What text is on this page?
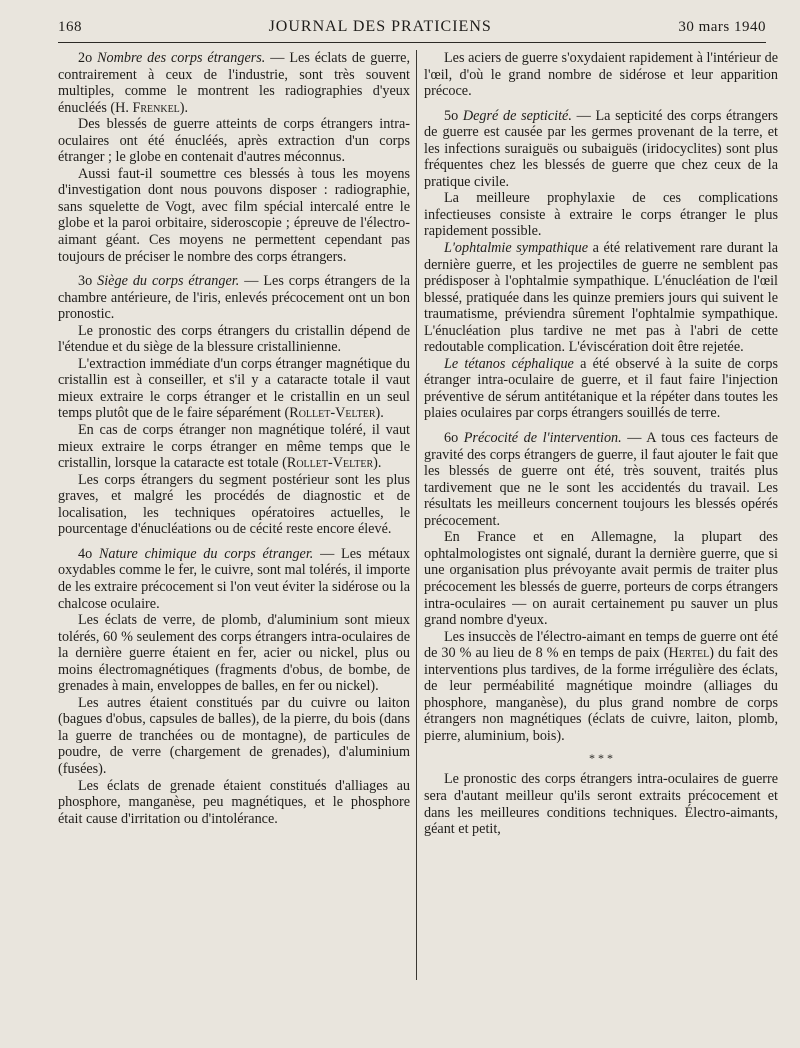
168	JOURNAL DES PRATICIENS	30 mars 1940

2o Nombre des corps étrangers. — Les éclats de guerre, contrairement à ceux de l'industrie, sont très souvent multiples, comme le montrent les radiographies d'yeux énucléés (H. Frenkel).

Des blessés de guerre atteints de corps étrangers intra-oculaires ont été énucléés, après extraction d'un corps étranger ; le globe en contenait d'autres méconnus.

Aussi faut-il soumettre ces blessés à tous les moyens d'investigation dont nous pouvons disposer : radiographie, sans squelette de Vogt, avec film spécial intercalé entre le globe et la paroi orbitaire, sideroscopie ; épreuve de l'électro-aimant géant. Ces moyens ne permettent cependant pas toujours de préciser le nombre des corps étrangers.

3o Siège du corps étranger. — Les corps étrangers de la chambre antérieure, de l'iris, enlevés précocement ont un bon pronostic.

Le pronostic des corps étrangers du cristallin dépend de l'étendue et du siège de la blessure cristallinienne.

L'extraction immédiate d'un corps étranger magnétique du cristallin est à conseiller, et s'il y a cataracte totale il vaut mieux extraire le corps étranger et le cristallin en un seul temps plutôt que de le faire séparément (Rollet-Velter).

En cas de corps étranger non magnétique toléré, il vaut mieux extraire le corps étranger en même temps que le cristallin, lorsque la cataracte est totale (Rollet-Velter).

Les corps étrangers du segment postérieur sont les plus graves, et malgré les procédés de diagnostic et de localisation, les techniques opératoires actuelles, le pourcentage d'énucléations ou de cécité reste encore élevé.

4o Nature chimique du corps étranger. — Les métaux oxydables comme le fer, le cuivre, sont mal tolérés, il importe de les extraire précocement si l'on veut éviter la sidérose ou la chalcose oculaire.

Les éclats de verre, de plomb, d'aluminium sont mieux tolérés, 60 % seulement des corps étrangers intra-oculaires de la dernière guerre étaient en fer, acier ou nickel, plus ou moins électromagnétiques (fragments d'obus, de bombe, de grenades à main, enveloppes de balles, en fer ou nickel).

Les autres étaient constitués par du cuivre ou laiton (bagues d'obus, capsules de balles), de la pierre, du bois (dans la guerre de tranchées ou de montagne), de particules de poudre, de verre (chargement de grenades), d'aluminium (fusées).

Les éclats de grenade étaient constitués d'alliages au phosphore, manganèse, peu magnétiques, et le phosphore était cause d'irritation ou d'intolérance.

Les aciers de guerre s'oxydaient rapidement à l'intérieur de l'œil, d'où le grand nombre de sidérose et leur apparition précoce.

5o Degré de septicité. — La septicité des corps étrangers de guerre est causée par les germes provenant de la terre, et les infections suraiguës ou subaiguës (iridocyclites) sont plus fréquentes chez les blessés de guerre que chez ceux de la pratique civile.

La meilleure prophylaxie de ces complications infectieuses consiste à extraire le corps étranger le plus rapidement possible.

L'ophtalmie sympathique a été relativement rare durant la dernière guerre, et les projectiles de guerre ne semblent pas prédisposer à l'ophtalmie sympathique. L'énucléation de l'œil blessé, pratiquée dans les quinze premiers jours qui suivent le traumatisme, préviendra sûrement l'ophtalmie sympathique. L'énucléation plus tardive ne met pas à l'abri de cette redoutable complication. L'éviscération doit être rejetée.

Le tétanos céphalique a été observé à la suite de corps étranger intra-oculaire de guerre, et il faut faire l'injection préventive de sérum antitétanique et la répéter dans toutes les plaies oculaires par corps étrangers souillés de terre.

6o Précocité de l'intervention. — A tous ces facteurs de gravité des corps étrangers de guerre, il faut ajouter le fait que les blessés de guerre ont été, très souvent, traités plus tardivement que ne le sont les accidentés du travail. Les résultats les meilleurs concernent toujours les blessés opérés précocement.

En France et en Allemagne, la plupart des ophtalmologistes ont signalé, durant la dernière guerre, que si une organisation plus prévoyante avait permis de traiter plus précocement les blessés de guerre, porteurs de corps étrangers intra-oculaires — on aurait certainement pu sauver un plus grand nombre d'yeux.

Les insuccès de l'électro-aimant en temps de guerre ont été de 30 % au lieu de 8 % en temps de paix (Hertel) du fait des interventions plus tardives, de la forme irrégulière des éclats, de leur perméabilité magnétique moindre (alliages du phosphore, manganèse), du plus grand nombre de corps étrangers non magnétiques (éclats de cuivre, laiton, plomb, pierre, aluminium, bois).

* * *

Le pronostic des corps étrangers intra-oculaires de guerre sera d'autant meilleur qu'ils seront extraits précocement et dans les meilleures conditions techniques. Électro-aimants, géant et petit,
